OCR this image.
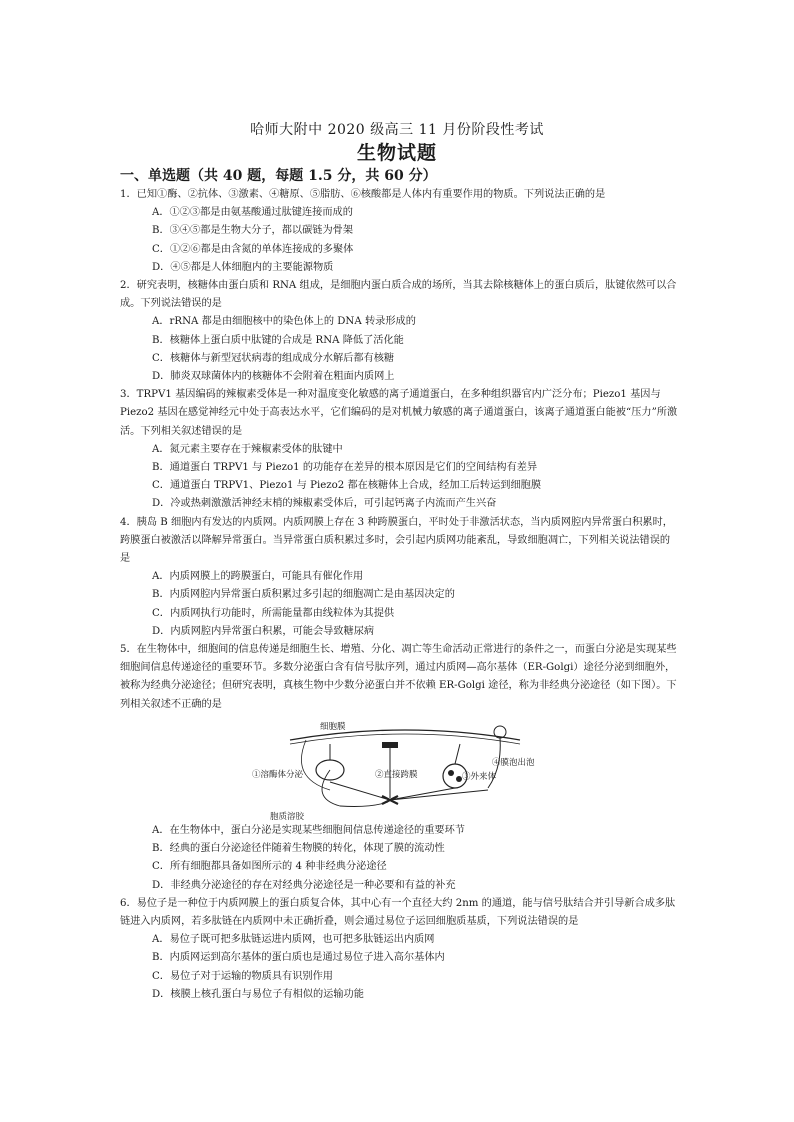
哈师大附中 2020 级高三 11 月份阶段性考试
生物试题
一、单选题（共 40 题，每题 1.5 分，共 60 分）

1．已知①酶、②抗体、③激素、④糖原、⑤脂肪、⑥核酸都是人体内有重要作用的物质。下列说法正确的是

A．①②③都是由氨基酸通过肽键连接而成的

B．③④⑤都是生物大分子，都以碳链为骨架

C．①②⑥都是由含氮的单体连接成的多聚体

D．④⑤都是人体细胞内的主要能源物质

2．研究表明，核糖体由蛋白质和 RNA 组成，是细胞内蛋白质合成的场所，当其去除核糖体上的蛋白质后，肽键依然可以合成。下列说法错误的是

A．rRNA 都是由细胞核中的染色体上的 DNA 转录形成的

B．核糖体上蛋白质中肽键的合成是 RNA 降低了活化能

C．核糖体与新型冠状病毒的组成成分水解后都有核糖

D．肺炎双球菌体内的核糖体不会附着在粗面内质网上

3．TRPV1 基因编码的辣椒素受体是一种对温度变化敏感的离子通道蛋白，在多种组织器官内广泛分布；Piezo1 基因与 Piezo2 基因在感觉神经元中处于高表达水平，它们编码的是对机械力敏感的离子通道蛋白，该离子通道蛋白能被“压力”所激活。下列相关叙述错误的是

A．氮元素主要存在于辣椒素受体的肽键中

B．通道蛋白 TRPV1 与 Piezo1 的功能存在差异的根本原因是它们的空间结构有差异

C．通道蛋白 TRPV1、Piezo1 与 Piezo2 都在核糖体上合成，经加工后转运到细胞膜

D．冷或热刺激激活神经末梢的辣椒素受体后，可引起钙离子内流而产生兴奋

4．胰岛 B 细胞内有发达的内质网。内质网膜上存在 3 种跨膜蛋白，平时处于非激活状态，当内质网腔内异常蛋白积累时，跨膜蛋白被激活以降解异常蛋白。当异常蛋白质积累过多时，会引起内质网功能紊乱，导致细胞凋亡，下列相关说法错误的是

A．内质网膜上的跨膜蛋白，可能具有催化作用

B．内质网腔内异常蛋白质积累过多引起的细胞凋亡是由基因决定的

C．内质网执行功能时，所需能量都由线粒体为其提供

D．内质网腔内异常蛋白积累，可能会导致糖尿病

5．在生物体中，细胞间的信息传递是细胞生长、增殖、分化、凋亡等生命活动正常进行的条件之一，而蛋白分泌是实现某些细胞间信息传递途径的重要环节。多数分泌蛋白含有信号肽序列，通过内质网—高尔基体（ER-Golgi）途径分泌到细胞外，被称为经典分泌途径；但研究表明，真核生物中少数分泌蛋白并不依赖 ER-Golgi 途径，称为非经典分泌途径（如下图）。下列相关叙述不正确的是

细胞膜
①溶酶体分泌	②直接跨膜	③外来体
④膜泡出泡
胞质溶胶

A．在生物体中，蛋白分泌是实现某些细胞间信息传递途径的重要环节

B．经典的蛋白分泌途径伴随着生物膜的转化，体现了膜的流动性

C．所有细胞都具备如图所示的 4 种非经典分泌途径

D．非经典分泌途径的存在对经典分泌途径是一种必要和有益的补充

6．易位子是一种位于内质网膜上的蛋白质复合体，其中心有一个直径大约 2nm 的通道，能与信号肽结合并引导新合成多肽链进入内质网，若多肽链在内质网中未正确折叠，则会通过易位子运回细胞质基质，下列说法错误的是

A．易位子既可把多肽链运进内质网，也可把多肽链运出内质网

B．内质网运到高尔基体的蛋白质也是通过易位子进入高尔基体内

C．易位子对于运输的物质具有识别作用

D．核膜上核孔蛋白与易位子有相似的运输功能
